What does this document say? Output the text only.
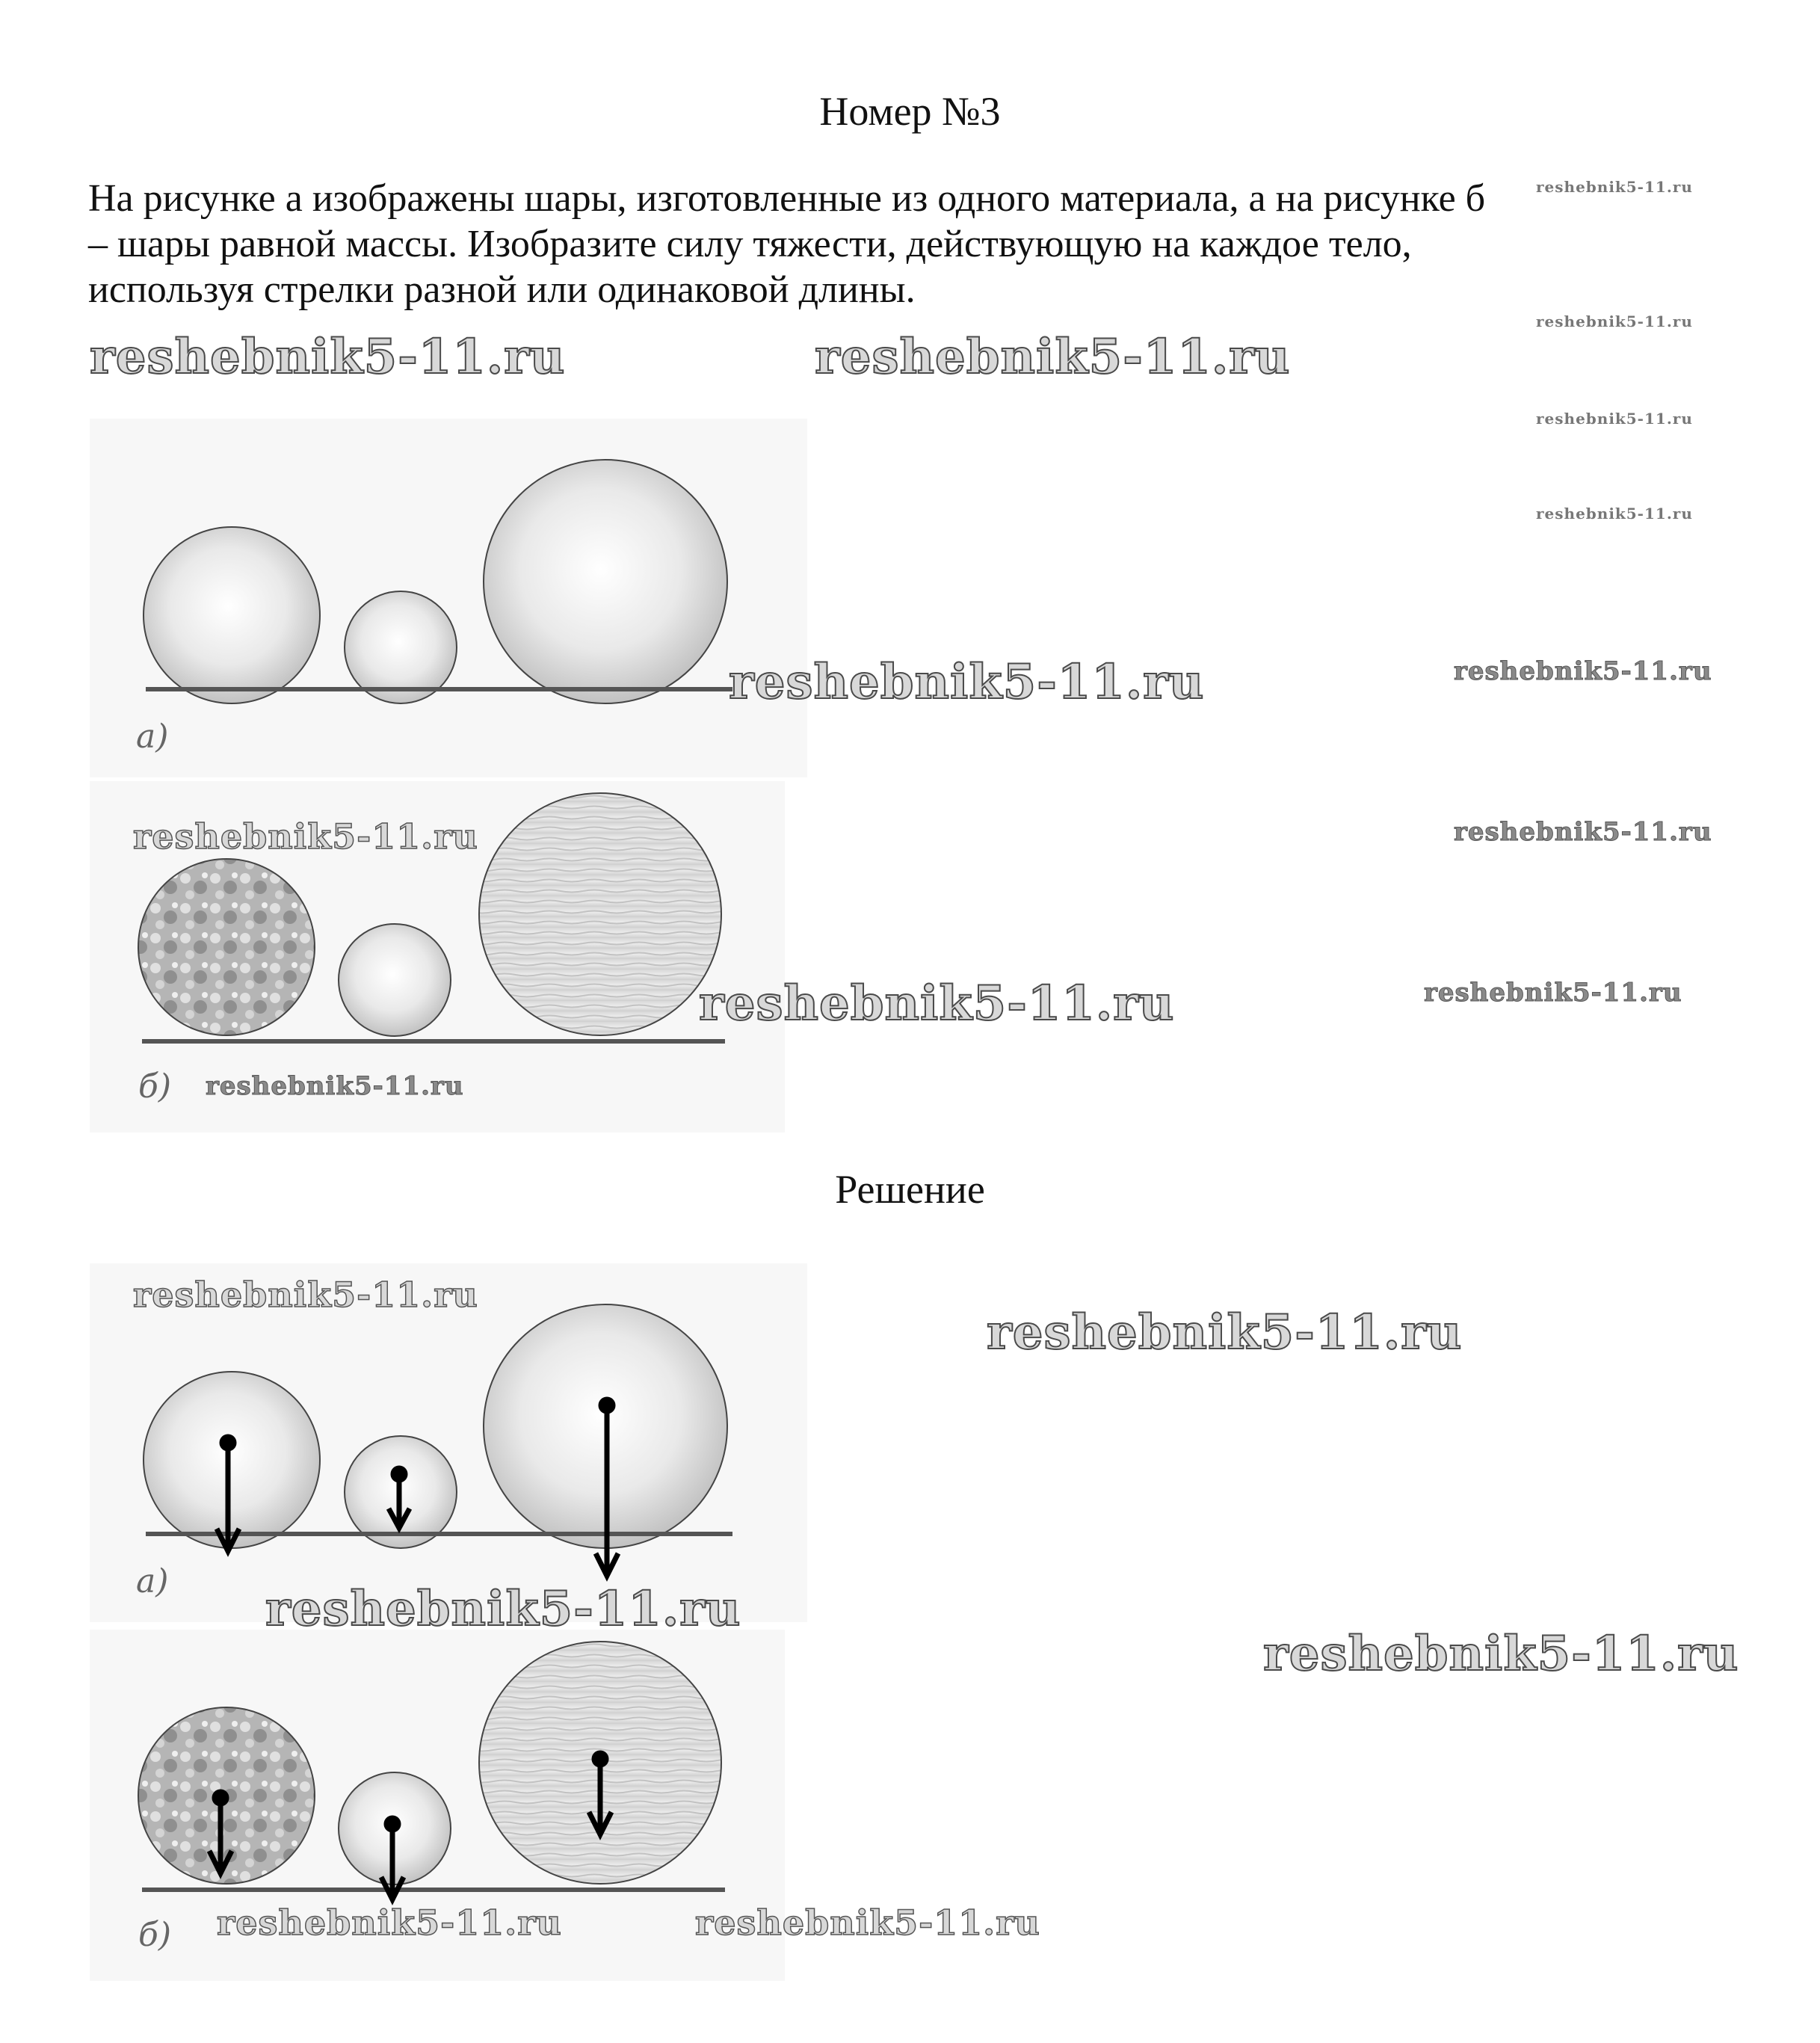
Номер №3
На рисунке а изображены шары, изготовленные из одного материала, а на рисунке б
– шары равной массы. Изобразите силу тяжести, действующую на каждое тело,
используя стрелки разной или одинаковой длины.
а)
б)
Решение
а)
б)
reshebnik5-11.ru	reshebnik5-11.ru
reshebnik5-11.ru
reshebnik5-11.ru
reshebnik5-11.ru
reshebnik5-11.ru
reshebnik5-11.ru
reshebnik5-11.ru
reshebnik5-11.ru
reshebnik5-11.ru	reshebnik5-11.ru
reshebnik5-11.ru
reshebnik5-11.ru
reshebnik5-11.ru
reshebnik5-11.ru
reshebnik5-11.ru
reshebnik5-11.ru
reshebnik5-11.ru
reshebnik5-11.ru
